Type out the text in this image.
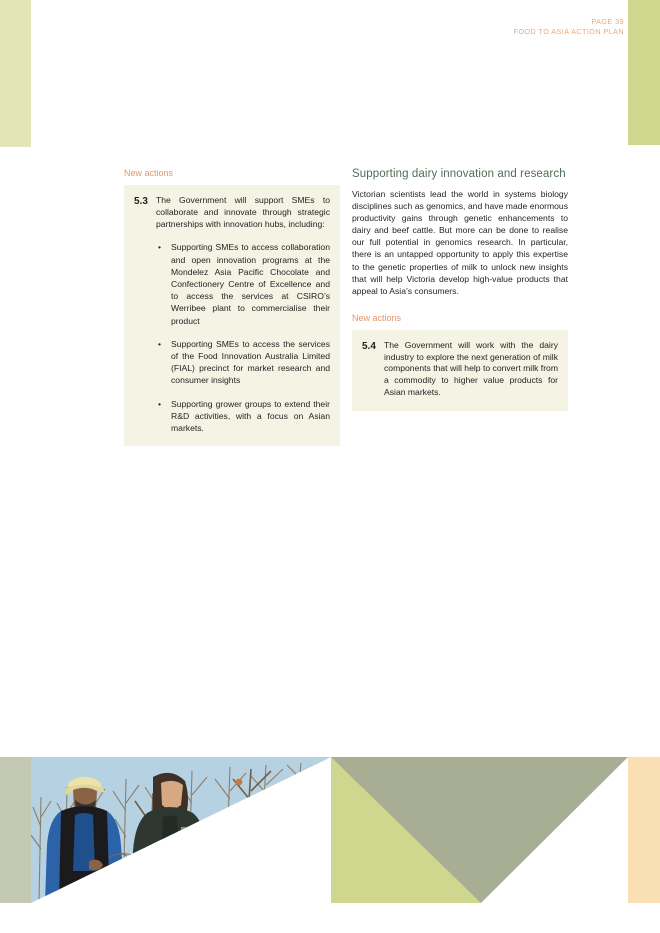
PAGE 39
FOOD TO ASIA ACTION PLAN
New actions
5.3 The Government will support SMEs to collaborate and innovate through strategic partnerships with innovation hubs, including:
•	Supporting SMEs to access collaboration and open innovation programs at the Mondelez Asia Pacific Chocolate and Confectionery Centre of Excellence and to access the services at CSIRO’s Werribee plant to commercialise their product
•	Supporting SMEs to access the services of the Food Innovation Australia Limited (FIAL) precinct for market research and consumer insights
•	Supporting grower groups to extend their R&D activities, with a focus on Asian markets.
Supporting dairy innovation and research

Victorian scientists lead the world in systems biology disciplines such as genomics, and have made enormous productivity gains through genetic enhancements to dairy and beef cattle. But more can be done to realise our full potential in genomics research. In particular, there is an untapped opportunity to apply this expertise to the genetic properties of milk to unlock new insights that will help Victoria develop high-value products that appeal to Asia’s consumers.

New actions
5.4 The Government will work with the dairy industry to explore the next generation of milk components that will help to convert milk from a commodity to higher value products for Asian markets.
